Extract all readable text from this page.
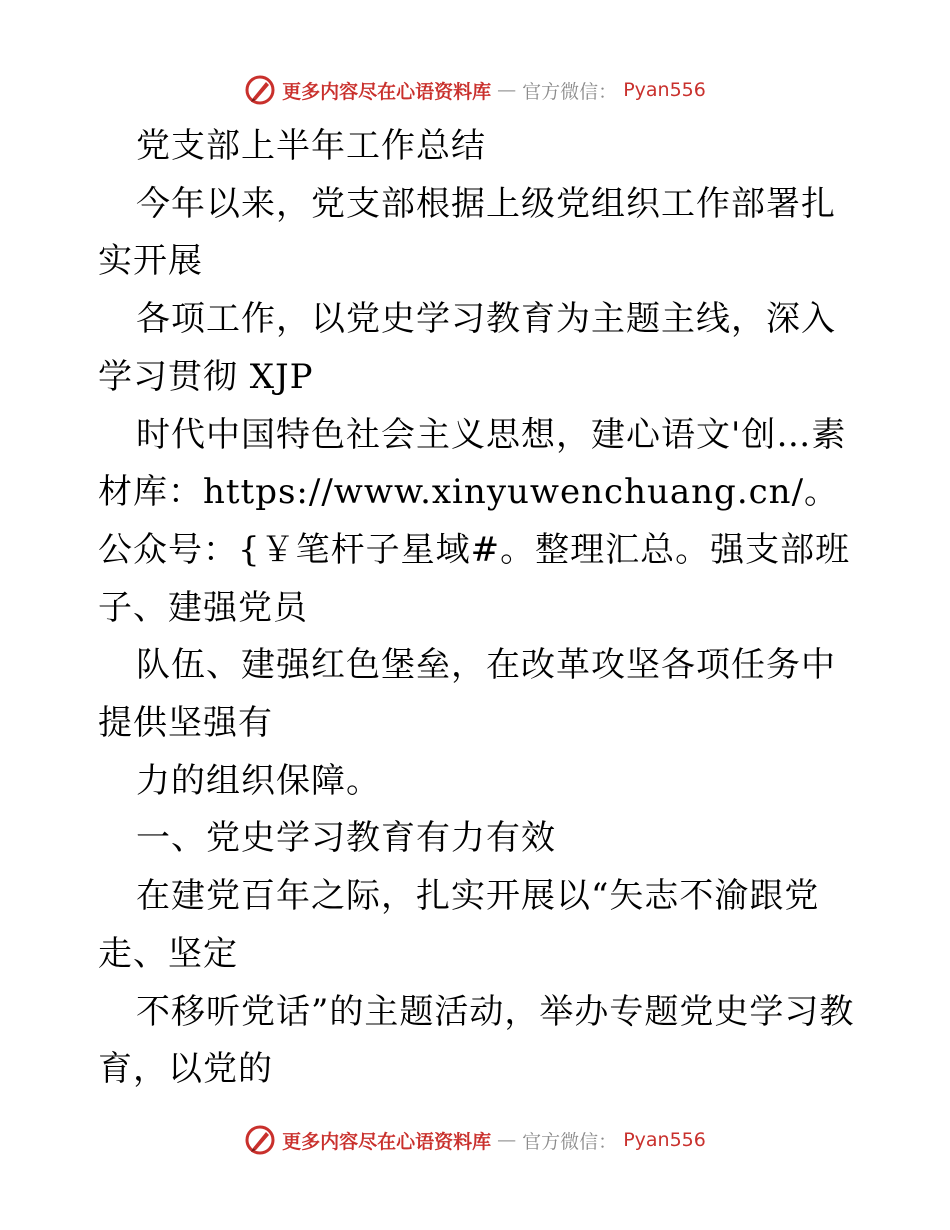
更多内容尽在心语资料库 — 官方微信： Pyan556

党支部上半年工作总结

今年以来，党支部根据上级党组织工作部署扎实开展

各项工作，以党史学习教育为主题主线，深入学习贯彻 XJP

时代中国特色社会主义思想，建心语文'创…素材库：https://www.xinyuwenchuang.cn/。公众号：{￥笔杆子星域#。整理汇总。强支部班子、建强党员

队伍、建强红色堡垒，在改革攻坚各项任务中提供坚强有

力的组织保障。

一、党史学习教育有力有效

在建党百年之际，扎实开展以“矢志不渝跟党走、坚定

不移听党话”的主题活动，举办专题党史学习教育，以党的

更多内容尽在心语资料库 — 官方微信： Pyan556
